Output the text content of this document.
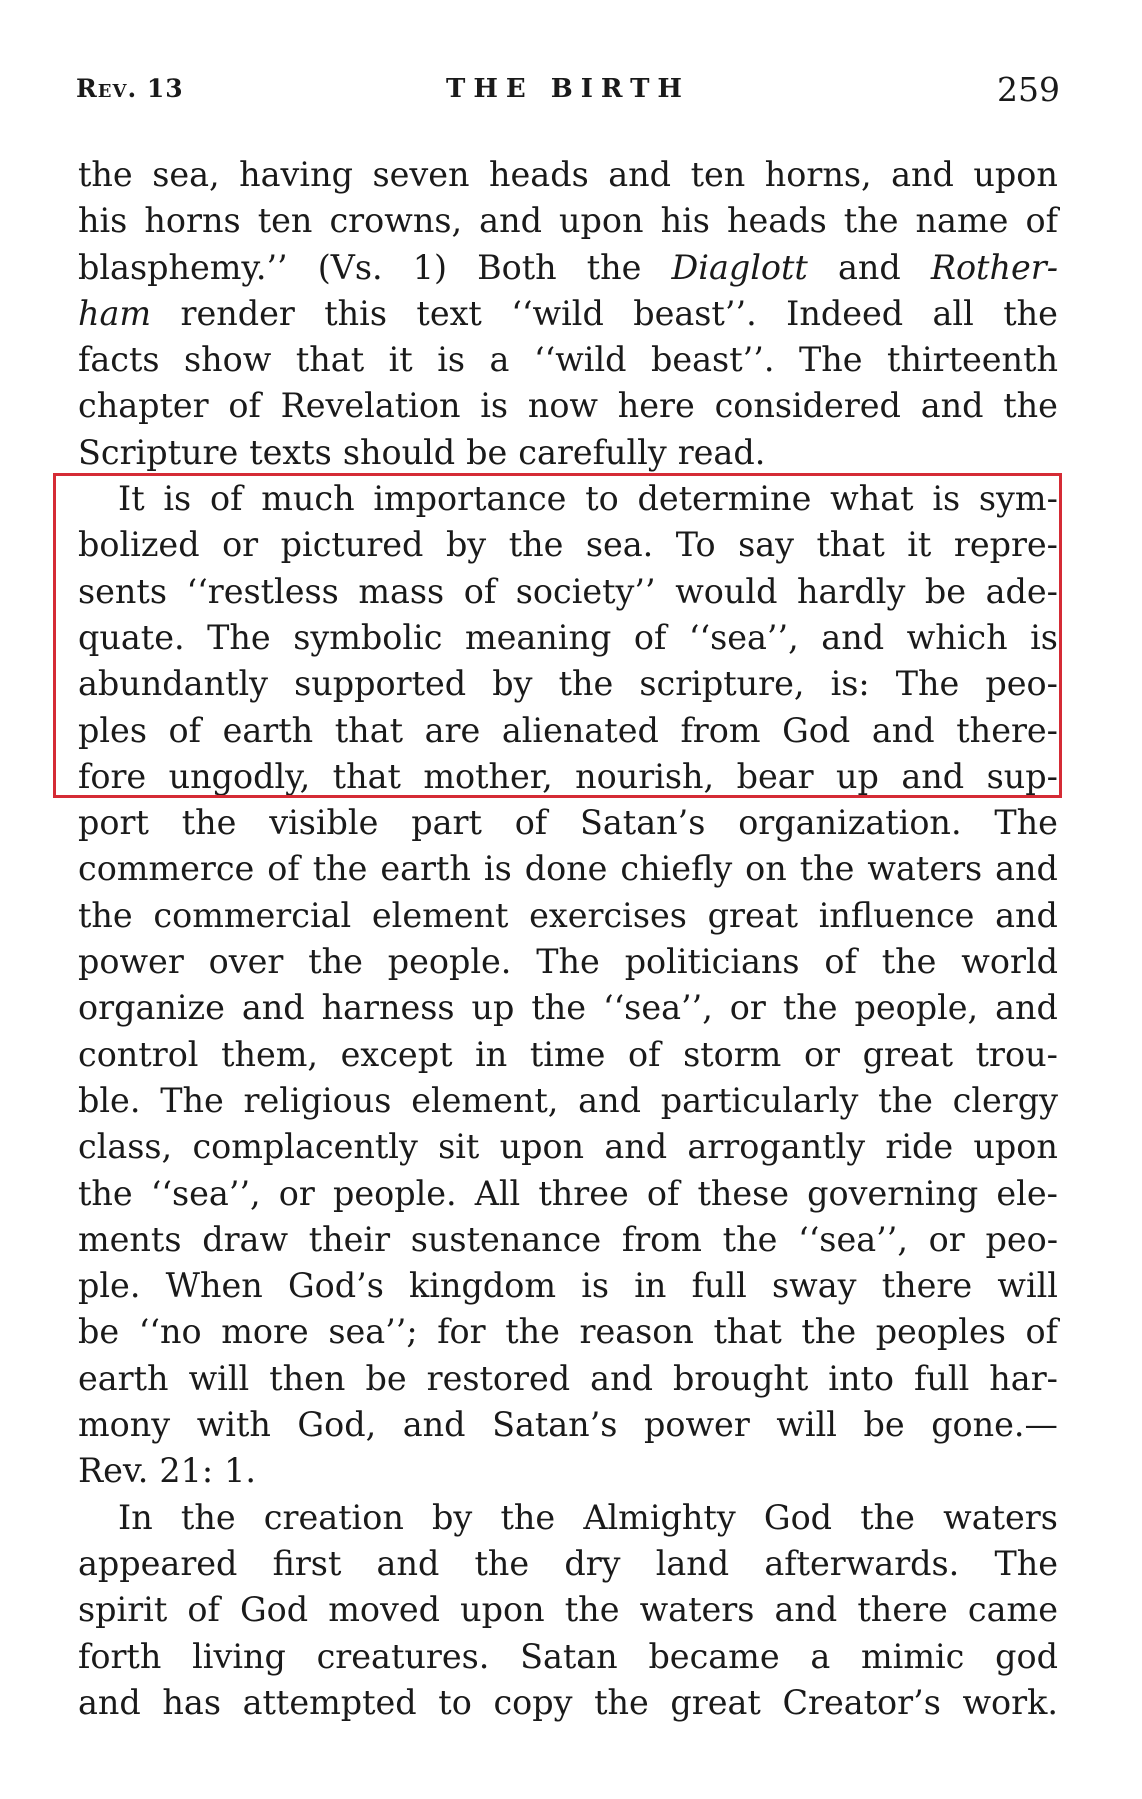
Rev. 13	THE BIRTH	259
the sea, having seven heads and ten horns, and upon
his horns ten crowns, and upon his heads the name of
blasphemy.’’ (Vs. 1) Both the Diaglott and Rother-
ham render this text ‘‘wild beast’’. Indeed all the
facts show that it is a ‘‘wild beast’’. The thirteenth
chapter of Revelation is now here considered and the
Scripture texts should be carefully read.
It is of much importance to determine what is sym-
bolized or pictured by the sea. To say that it repre-
sents ‘‘restless mass of society’’ would hardly be ade-
quate. The symbolic meaning of ‘‘sea’’, and which is
abundantly supported by the scripture, is: The peo-
ples of earth that are alienated from God and there-
fore ungodly, that mother, nourish, bear up and sup-
port the visible part of Satan’s organization. The
commerce of the earth is done chiefly on the waters and
the commercial element exercises great influence and
power over the people. The politicians of the world
organize and harness up the ‘‘sea’’, or the people, and
control them, except in time of storm or great trou-
ble. The religious element, and particularly the clergy
class, complacently sit upon and arrogantly ride upon
the ‘‘sea’’, or people. All three of these governing ele-
ments draw their sustenance from the ‘‘sea’’, or peo-
ple. When God’s kingdom is in full sway there will
be ‘‘no more sea’’; for the reason that the peoples of
earth will then be restored and brought into full har-
mony with God, and Satan’s power will be gone.—
Rev. 21: 1.
In the creation by the Almighty God the waters
appeared first and the dry land afterwards. The
spirit of God moved upon the waters and there came
forth living creatures. Satan became a mimic god
and has attempted to copy the great Creator’s work.
